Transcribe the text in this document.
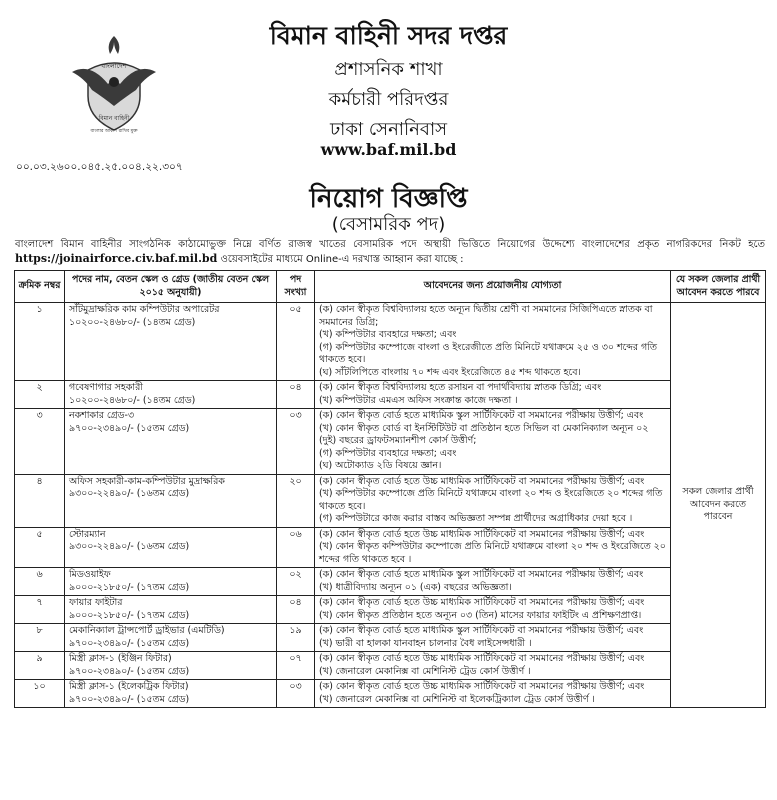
বাংলাদেশ
বিমান বাহিনী
বাংলার আকাশ রাখিব মুক্ত
০০.০৩.২৬০০.০৪৫.২৫.০০৪.২২.৩০৭
বিমান বাহিনী সদর দপ্তর
প্রশাসনিক শাখা
কর্মচারী পরিদপ্তর
ঢাকা সেনানিবাস
www.baf.mil.bd
নিয়োগ বিজ্ঞপ্তি
(বেসামরিক পদ)
বাংলাদেশ বিমান বাহিনীর সাংগঠনিক কাঠামোভুক্ত নিম্নে বর্ণিত রাজস্ব খাতের বেসামরিক পদে অস্থায়ী ভিত্তিতে নিয়োগের উদ্দেশ্যে বাংলাদেশের প্রকৃত নাগরিকদের নিকট হতে https://joinairforce.civ.baf.mil.bd ওয়েবসাইটের মাধ্যমে Online-এ দরখাস্ত আহ্বান করা যাচ্ছে :
ক্রমিক নম্বর	পদের নাম, বেতন স্কেল ও গ্রেড (জাতীয় বেতন স্কেল ২০১৫ অনুযায়ী)	পদ সংখ্যা	আবেদনের জন্য প্রয়োজনীয় যোগ্যতা	যে সকল জেলার প্রার্থী আবেদন করতে পারবে
১	সাঁটমুদ্রাক্ষরিক কাম কম্পিউটার অপারেটর
১০২০০-২৪৬৮০/- (১৪তম গ্রেড)	০৫	(ক) কোন স্বীকৃত বিশ্ববিদ্যালয় হতে অন্যূন দ্বিতীয় শ্রেণী বা সমমানের সিজিপিএতে স্নাতক বা সমমানের ডিগ্রি;
(খ) কম্পিউটার ব্যবহারে দক্ষতা; এবং
(গ) কম্পিউটার কম্পোজে বাংলা ও ইংরেজীতে প্রতি মিনিটে যথাক্রমে ২৫ ও ৩০ শব্দের গতি থাকতে হবে।
(ঘ) সাঁটলিপিতে বাংলায় ৭০ শব্দ এবং ইংরেজিতে ৪৫ শব্দ থাকতে হবে।	সকল জেলার প্রার্থী আবেদন করতে পারবেন
২	গবেষণাগার সহকারী
১০২০০-২৪৬৮০/- (১৪তম গ্রেড)	০৪	(ক) কোন স্বীকৃত বিশ্ববিদ্যালয় হতে রসায়ন বা পদার্থবিদ্যায় স্নাতক ডিগ্রি; এবং
(খ) কম্পিউটার এমএস অফিস সংক্রান্ত কাজে দক্ষতা ।	

৩	নকশাকার গ্রেড-৩
৯৭০০-২৩৪৯০/- (১৫তম গ্রেড)	০৩	(ক) কোন স্বীকৃত বোর্ড হতে মাধ্যমিক স্কুল সার্টিফিকেট বা সমমানের পরীক্ষায় উত্তীর্ণ; এবং
(খ) কোন স্বীকৃত বোর্ড বা ইনস্টিটিউট বা প্রতিষ্ঠান হতে সিভিল বা মেকানিক্যাল অন্যূন ০২ (দুই) বছরের ড্রাফটসম্যানশীপ কোর্স উত্তীর্ণ;
(গ) কম্পিউটার ব্যবহারে দক্ষতা; এবং
(ঘ) অটোক্যাড ২ডি বিষয়ে জ্ঞান।	

৪	অফিস সহকারী-কাম-কম্পিউটার মুদ্রাক্ষরিক
৯৩০০-২২৪৯০/- (১৬তম গ্রেড)	২০	(ক) কোন স্বীকৃত বোর্ড হতে উচ্চ মাধ্যমিক সার্টিফিকেট বা সমমানের পরীক্ষায় উত্তীর্ণ; এবং
(খ) কম্পিউটার কম্পোজে প্রতি মিনিটে যথাক্রমে বাংলা ২০ শব্দ ও ইংরেজিতে ২০ শব্দের গতি থাকতে হবে।
(গ) কম্পিউটারে কাজ করার বাস্তব অভিজ্ঞতা সম্পন্ন প্রার্থীদের অগ্রাধিকার দেয়া হবে ।	

৫	স্টোরম্যান
৯৩০০-২২৪৯০/- (১৬তম গ্রেড)	০৬	(ক) কোন স্বীকৃত বোর্ড হতে উচ্চ মাধ্যমিক সার্টিফিকেট বা সমমানের পরীক্ষায় উত্তীর্ণ; এবং
(খ) কোন স্বীকৃত কম্পিউটার কম্পোজে প্রতি মিনিটে যথাক্রমে বাংলা ২০ শব্দ ও ইংরেজিতে ২০ শব্দের গতি থাকতে হবে ।	

৬	মিডওয়াইফ
৯০০০-২১৮৫০/- (১৭তম গ্রেড)	০২	(ক) কোন স্বীকৃত বোর্ড হতে মাধ্যমিক স্কুল সার্টিফিকেট বা সমমানের পরীক্ষায় উত্তীর্ণ; এবং
(খ) ধাত্রীবিদ্যায় অন্যূন ০১ (এক) বছরের অভিজ্ঞতা।	

৭	ফায়ার ফাইটার
৯০০০-২১৮৫০/- (১৭তম গ্রেড)	০৪	(ক) কোন স্বীকৃত বোর্ড হতে উচ্চ মাধ্যমিক সার্টিফিকেট বা সমমানের পরীক্ষায় উত্তীর্ণ; এবং
(খ) কোন স্বীকৃত প্রতিষ্ঠান হতে অন্যূন ০৩ (তিন) মাসের ফায়ার ফাইটিং এ প্রশিক্ষণপ্রাপ্ত।	

৮	মেকানিক্যাল ট্রান্সপোর্ট ড্রাইভার (এমটিডি)
৯৭০০-২৩৪৯০/- (১৫তম গ্রেড)	১৯	(ক) কোন স্বীকৃত বোর্ড হতে মাধ্যমিক স্কুল সার্টিফিকেট বা সমমানের পরীক্ষায় উত্তীর্ণ; এবং
(খ) ভারী বা হালকা যানবাহন চালনার বৈধ লাইসেন্সধারী ।	

৯	মিস্ত্রী ক্লাস-১ (ইঞ্জিন ফিটার)
৯৭০০-২৩৪৯০/- (১৫তম গ্রেড)	০৭	(ক) কোন স্বীকৃত বোর্ড হতে উচ্চ মাধ্যমিক সার্টিফিকেট বা সমমানের পরীক্ষায় উত্তীর্ণ; এবং
(খ) জেনারেল মেকানিক্স বা মেশিনিস্ট ট্রেড কোর্স উত্তীর্ণ ।	

১০	মিস্ত্রী ক্লাস-১ (ইলেকট্রিক ফিটার)
৯৭০০-২৩৪৯০/- (১৫তম গ্রেড)	০৩	(ক) কোন স্বীকৃত বোর্ড হতে উচ্চ মাধ্যমিক সার্টিফিকেট বা সমমানের পরীক্ষায় উত্তীর্ণ; এবং
(খ) জেনারেল মেকানিক্স বা মেশিনিস্ট বা ইলেকট্রিক্যাল ট্রেড কোর্স উত্তীর্ণ ।	
